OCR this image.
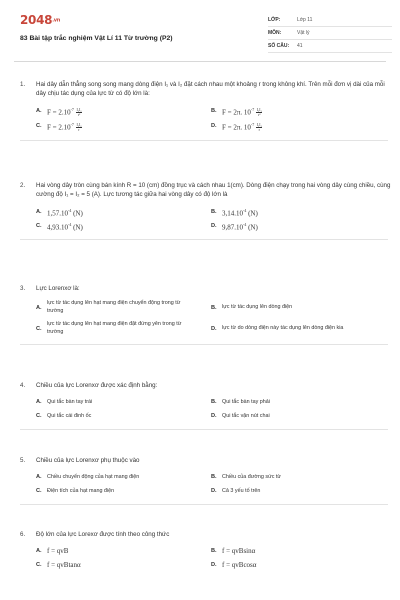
2048.vn
83 Bài tập trắc nghiệm Vật Lí 11 Từ trường (P2)
LỚP:	Lớp 11
MÔN:	Vật lý
SỐ CÂU:	41
1.	Hai dây dẫn thẳng song song mang dòng điện I₁ và I₂ đặt cách nhau một khoảng r trong không khí. Trên mỗi đơn vị dài của mỗi dây chịu tác dụng của lực từ có độ lớn là:
A. $F = 2.10^{-7} \frac{\text{I₁I₂}}{\text{r²}}$	B. F = 2π. $10^{-7} \frac{\text{I₁I₂}}{\text{r²}}$
C. $F = 2.10^{-7} \frac{\text{I₁I₂}}{r}$	D. F = 2π. $10^{-7} \frac{\text{I₁I₂}}{r}$
2.	Hai vòng dây tròn cùng bán kính R = 10 (cm) đồng trục và cách nhau 1(cm). Dòng điện chạy trong hai vòng dây cùng chiều, cùng cường độ I₁ = I₂ = 5 (A). Lực tương tác giữa hai vòng dây có độ lớn là
A. $1,57.10^{-4}$ (N)	B. $3,14.10^{-4}$ (N)
C. $4,93.10^{-4}$ (N)	D. $9,87.10^{-4}$ (N)
3.	Lực Lorenxơ là:
A.
lực từ tác dụng lên hạt mang điện chuyển động trong từ trường	B.	lực từ tác dụng lên dòng điện
C.
lực từ tác dụng lên hạt mang điện đặt đứng yên trong từ trường	D.	lực từ do dòng điện này tác dụng lên dòng điện kia
4.	Chiều của lực Lorenxơ được xác định bằng:
A.	Qui tắc bàn tay trái	B.	Qui tắc bàn tay phải
C.	Qui tắc cái đinh ốc	D.	Qui tắc vặn nút chai
5.	Chiều của lực Lorenxơ phụ thuộc vào
A.	Chiều chuyển động của hạt mang điện	B.	Chiều của đường sức từ
C.	Điện tích của hạt mang điện	D.	Cả 3 yếu tố trên
6.	Độ lớn của lực Lorexơ được tính theo công thức
A. f = qvB	B. f = qvBsinα
C. f = qvBtanα	D. f = qvBcosα
